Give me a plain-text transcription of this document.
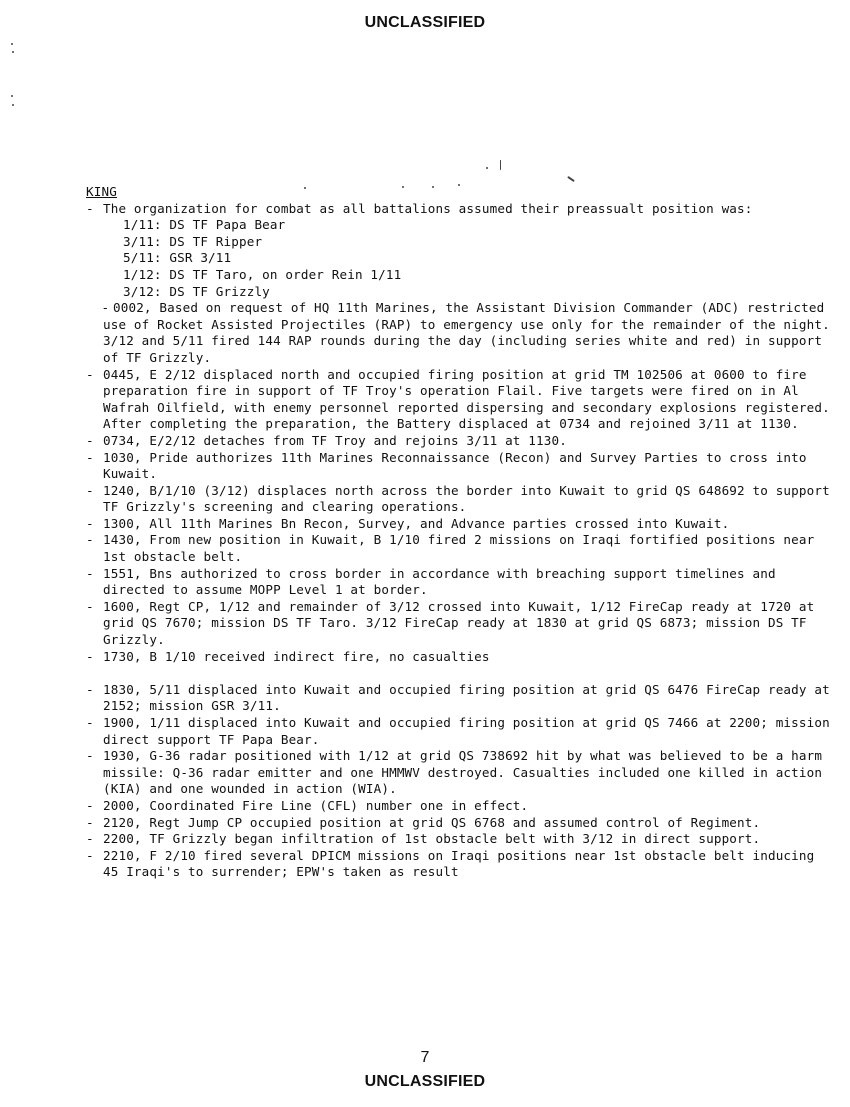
UNCLASSIFIED
KING
- The organization for combat as all battalions assumed their preassualt position was:
1/11: DS TF Papa Bear
3/11: DS TF Ripper
5/11: GSR 3/11
1/12: DS TF Taro, on order Rein 1/11
3/12: DS TF Grizzly
- 0002, Based on request of HQ 11th Marines, the Assistant Division Commander (ADC) restricted use of Rocket Assisted Projectiles (RAP) to emergency use only for the remainder of the night. 3/12 and 5/11 fired 144 RAP rounds during the day (including series white and red) in support of TF Grizzly.
- 0445, E 2/12 displaced north and occupied firing position at grid TM 102506 at 0600 to fire preparation fire in support of TF Troy's operation Flail. Five targets were fired on in Al Wafrah Oilfield, with enemy personnel reported dispersing and secondary explosions registered. After completing the preparation, the Battery displaced at 0734 and rejoined 3/11 at 1130.
- 0734, E/2/12 detaches from TF Troy and rejoins 3/11 at 1130.
- 1030, Pride authorizes 11th Marines Reconnaissance (Recon) and Survey Parties to cross into Kuwait.
- 1240, B/1/10 (3/12) displaces north across the border into Kuwait to grid QS 648692 to support TF Grizzly's screening and clearing operations.
- 1300, All 11th Marines Bn Recon, Survey, and Advance parties crossed into Kuwait.
- 1430, From new position in Kuwait, B 1/10 fired 2 missions on Iraqi fortified positions near 1st obstacle belt.
- 1551, Bns authorized to cross border in accordance with breaching support timelines and directed to assume MOPP Level 1 at border.
- 1600, Regt CP, 1/12 and remainder of 3/12 crossed into Kuwait, 1/12 FireCap ready at 1720 at grid QS 7670; mission DS TF Taro. 3/12 FireCap ready at 1830 at grid QS 6873; mission DS TF Grizzly.
- 1730, B 1/10 received indirect fire, no casualties
- 1830, 5/11 displaced into Kuwait and occupied firing position at grid QS 6476 FireCap ready at 2152; mission GSR 3/11.
- 1900, 1/11 displaced into Kuwait and occupied firing position at grid QS 7466 at 2200; mission direct support TF Papa Bear.
- 1930, G-36 radar positioned with 1/12 at grid QS 738692 hit by what was believed to be a harm missile: Q-36 radar emitter and one HMMWV destroyed. Casualties included one killed in action (KIA) and one wounded in action (WIA).
- 2000, Coordinated Fire Line (CFL) number one in effect.
- 2120, Regt Jump CP occupied position at grid QS 6768 and assumed control of Regiment.
- 2200, TF Grizzly began infiltration of 1st obstacle belt with 3/12 in direct support.
- 2210, F 2/10 fired several DPICM missions on Iraqi positions near 1st obstacle belt inducing 45 Iraqi's to surrender; EPW's taken as result
7
UNCLASSIFIED
